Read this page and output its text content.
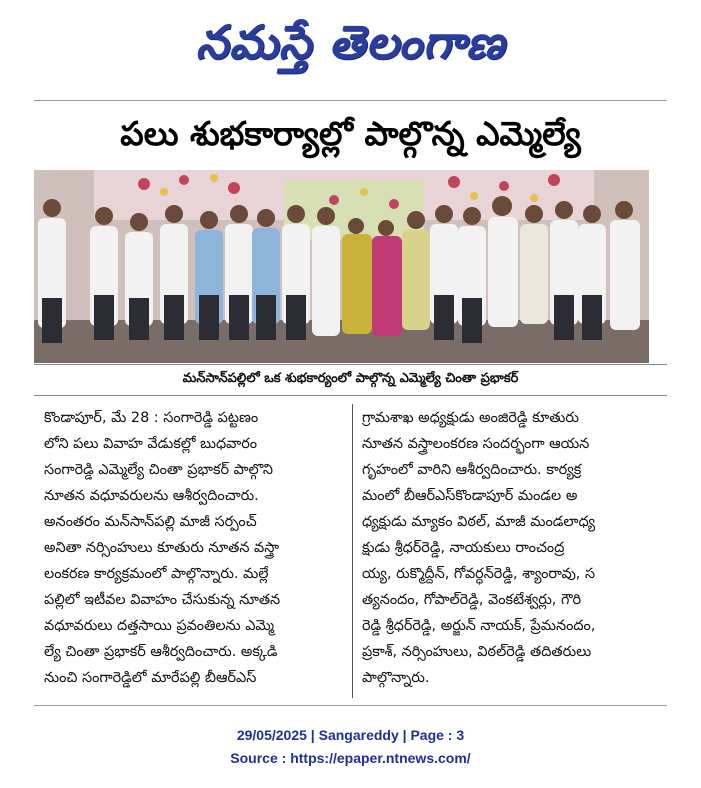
నమస్తే తెలంగాణ
పలు శుభకార్యాల్లో పాల్గొన్న ఎమ్మెల్యే
మన్‌సాన్‌పల్లిలో ఒక శుభకార్యంలో పాల్గొన్న ఎమ్మెల్యే చింతా ప్రభాకర్
కొండాపూర్, మే 28 : సంగారెడ్డి పట్టణం
లోని పలు వివాహ వేడుకల్లో బుధవారం
సంగారెడ్డి ఎమ్మెల్యే చింతా ప్రభాకర్ పాల్గొని
నూతన వధూవరులను ఆశీర్వదించారు.
అనంతరం మన్‌సాన్‌పల్లి మాజీ సర్పంచ్
అనితా నర్సింహులు కూతురు నూతన వస్త్రా
లంకరణ కార్యక్రమంలో పాల్గొన్నారు. మల్లే
పల్లిలో ఇటీవల వివాహం చేసుకున్న నూతన
వధూవరులు దత్తసాయి ప్రవంతిలను ఎమ్మె
ల్యే చింతా ప్రభాకర్ ఆశీర్వదించారు. అక్కడి
నుంచి సంగారెడ్డిలో మారేపల్లి బీఆర్‌ఎస్
గ్రామశాఖ అధ్యక్షుడు అంజిరెడ్డి కూతురు
నూతన వస్త్రాలంకరణ సందర్భంగా ఆయన
గృహంలో వారిని ఆశీర్వదించారు. కార్యక్ర
మంలో బీఆర్‌ఎస్‌కొండాపూర్ మండల అ
ధ్యక్షుడు మ్యాకం విఠల్, మాజీ మండలాధ్య
క్షుడు శ్రీధర్‌రెడ్డి, నాయకులు రాంచంద్ర
య్య, రుక్మొద్దీన్, గోవర్ధన్‌రెడ్డి, శ్యాంరావు, స
త్యనందం, గోపాల్‌రెడ్డి, వెంకటేశ్వర్లు, గౌరి
రెడ్డి శ్రీధర్‌రెడ్డి, అర్జున్ నాయక్, ప్రేమనందం,
ప్రకాశ్, నర్సింహులు, విఠల్‌రెడ్డి తదితరులు
పాల్గొన్నారు.
29/05/2025 | Sangareddy | Page : 3
Source : https://epaper.ntnews.com/
